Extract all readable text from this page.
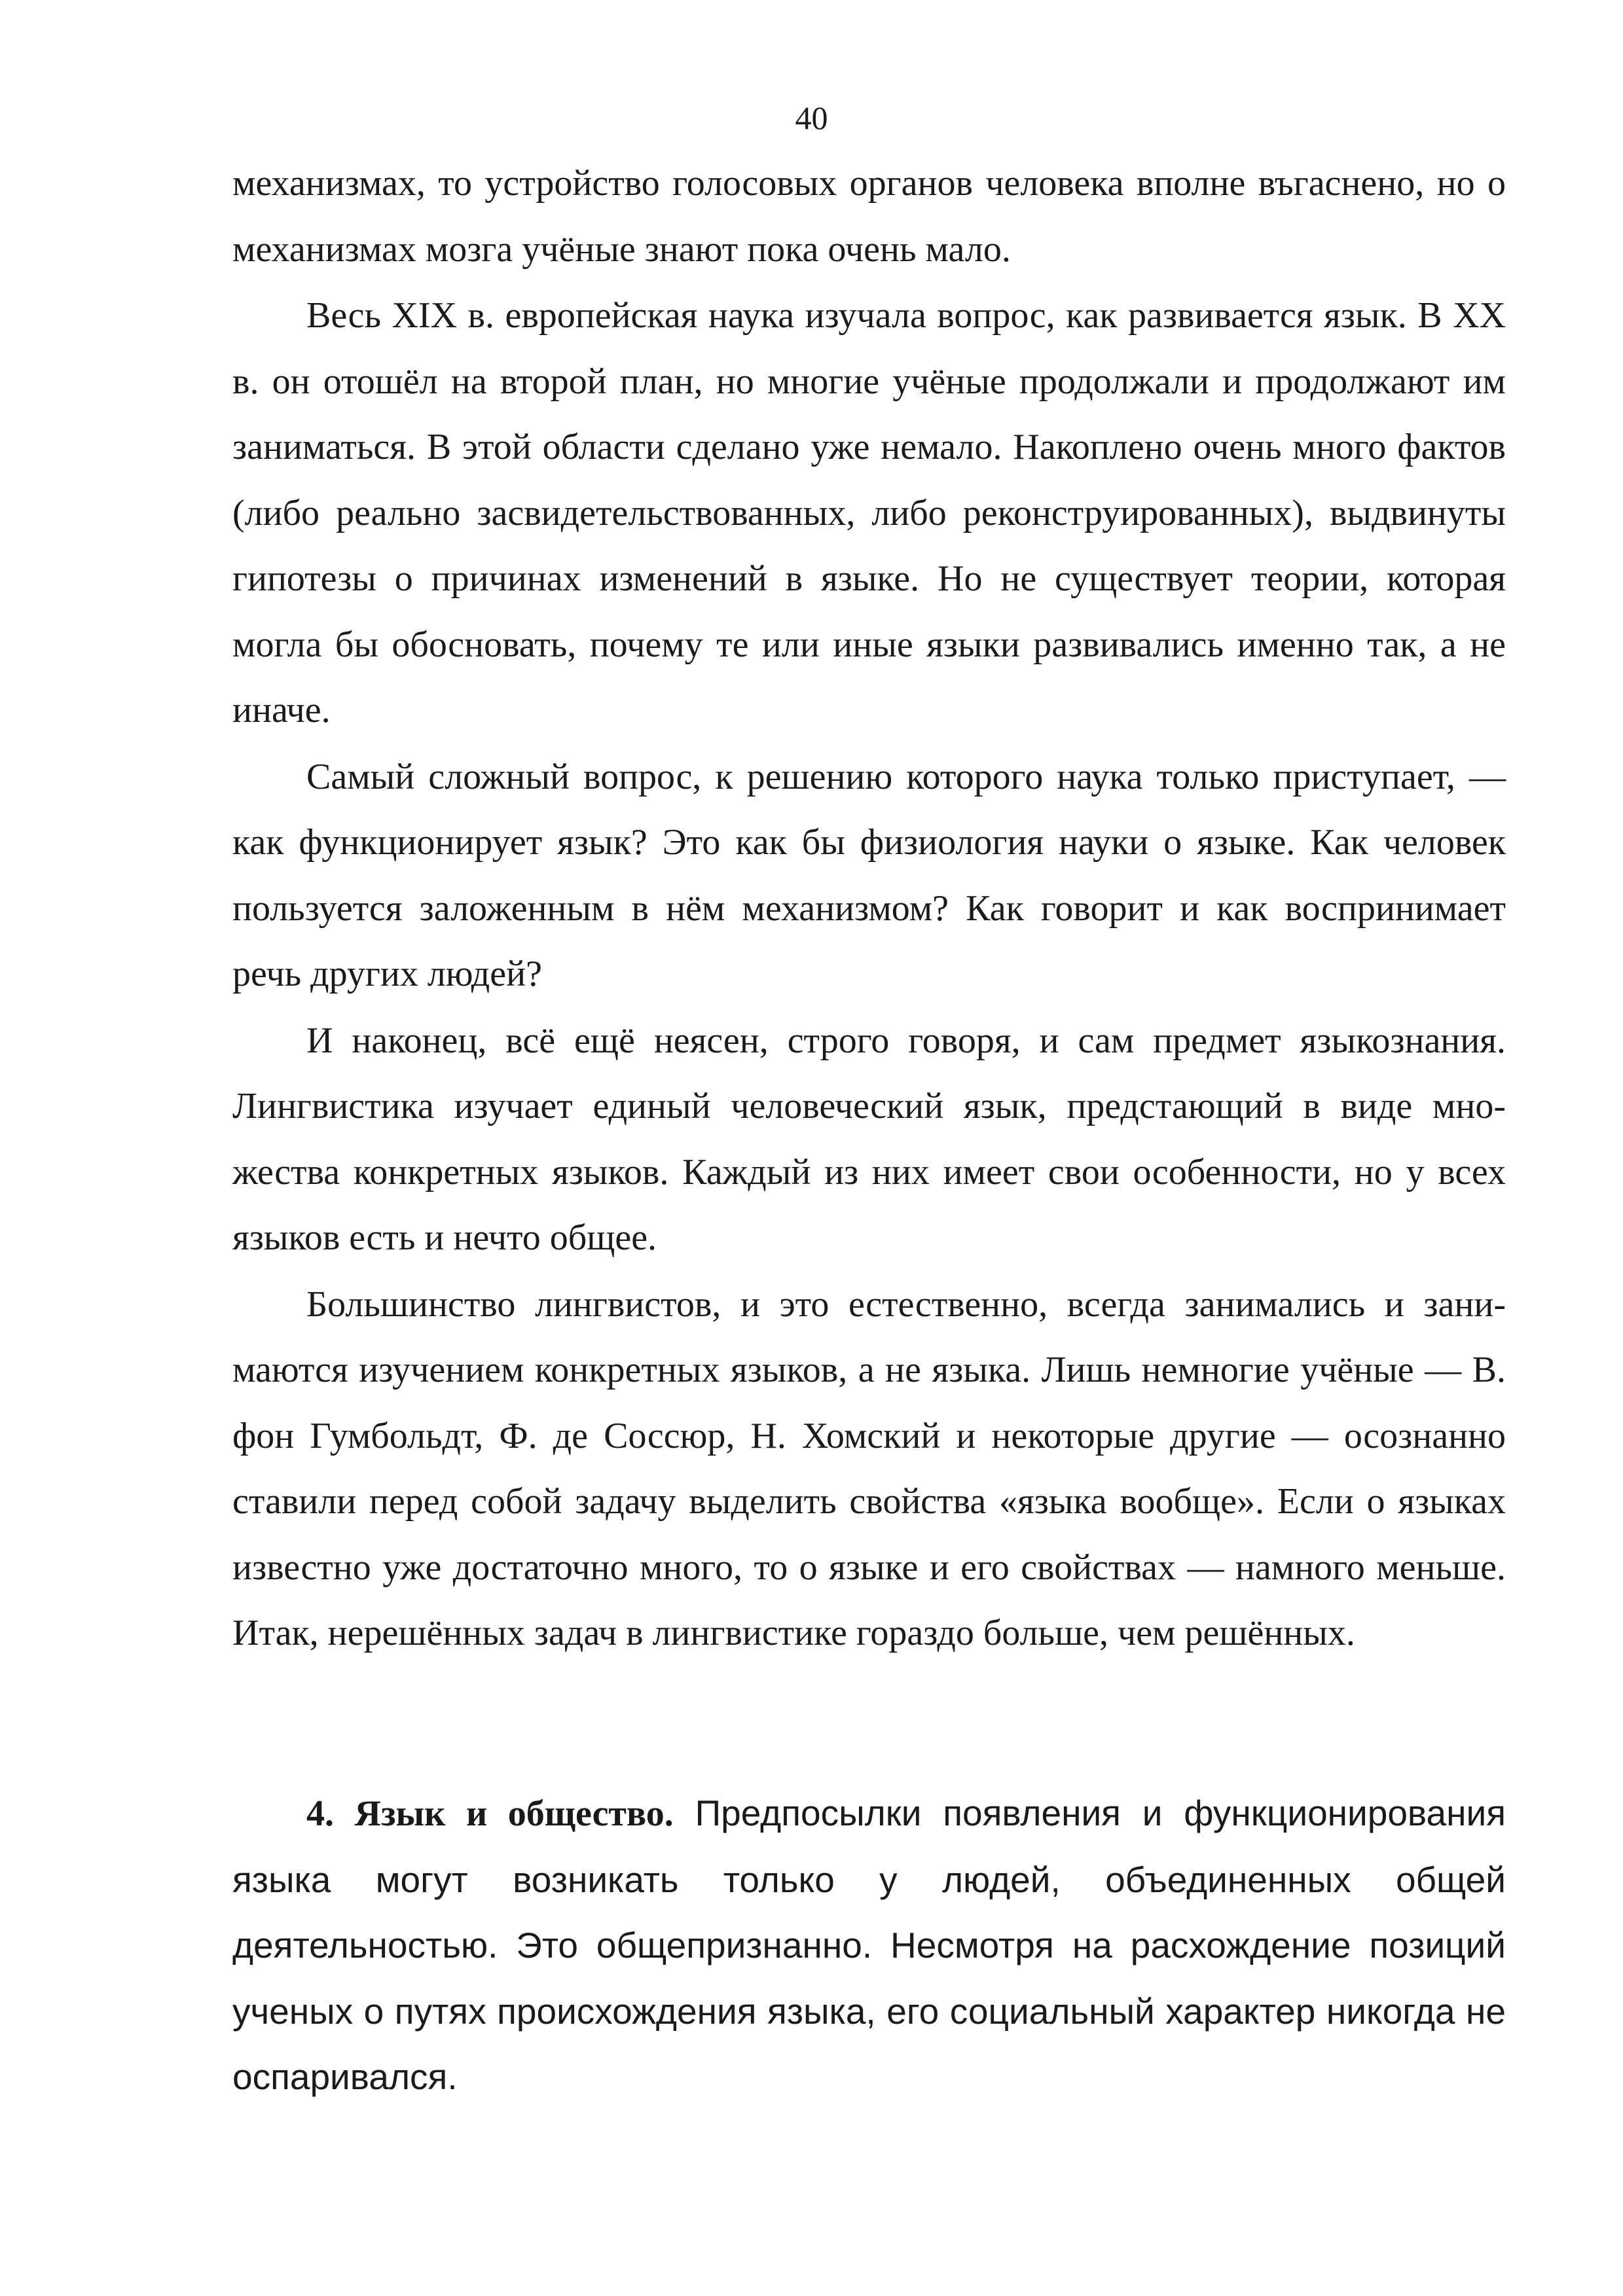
40

механизмах, то устройство голосовых органов человека вполне въгаснено, но о механизмах мозга учёные знают пока очень мало.

Весь XIX в. европейская наука изучала вопрос, как развивается язык. В XX в. он отошёл на второй план, но многие учёные продолжали и продолжают им заниматься. В этой области сделано уже немало. Накоплено очень много фактов (либо реально засвидетельствованных, либо реконструированных), выдвинуты гипотезы о причинах изменений в языке. Но не существует теории, которая могла бы обосновать, почему те или иные языки развивались именно так, а не иначе.

Самый сложный вопрос, к решению которого наука только приступает, — как функционирует язык? Это как бы физиология науки о языке. Как человек пользуется заложенным в нём механизмом? Как говорит и как воспринимает речь других людей?

И наконец, всё ещё неясен, строго говоря, и сам предмет языкознания. Лингвистика изучает единый человеческий язык, предстающий в виде множества конкретных языков. Каждый из них имеет свои особенности, но у всех языков есть и нечто общее.

Большинство лингвистов, и это естественно, всегда занимались и занимаются изучением конкретных языков, а не языка. Лишь немногие учёные — В. фон Гумбольдт, Ф. де Соссюр, Н. Хомский и некоторые другие — осознанно ставили перед собой задачу выделить свойства «языка вообще». Если о языках известно уже достаточно много, то о языке и его свойствах — намного меньше. Итак, нерешённых задач в лингвистике гораздо больше, чем решённых.

4. Язык и общество. Предпосылки появления и функционирования языка могут возникать только у людей, объединенных общей деятельностью. Это общепризнанно. Несмотря на расхождение позиций ученых о путях происхождения языка, его социальный характер никогда не оспаривался.
